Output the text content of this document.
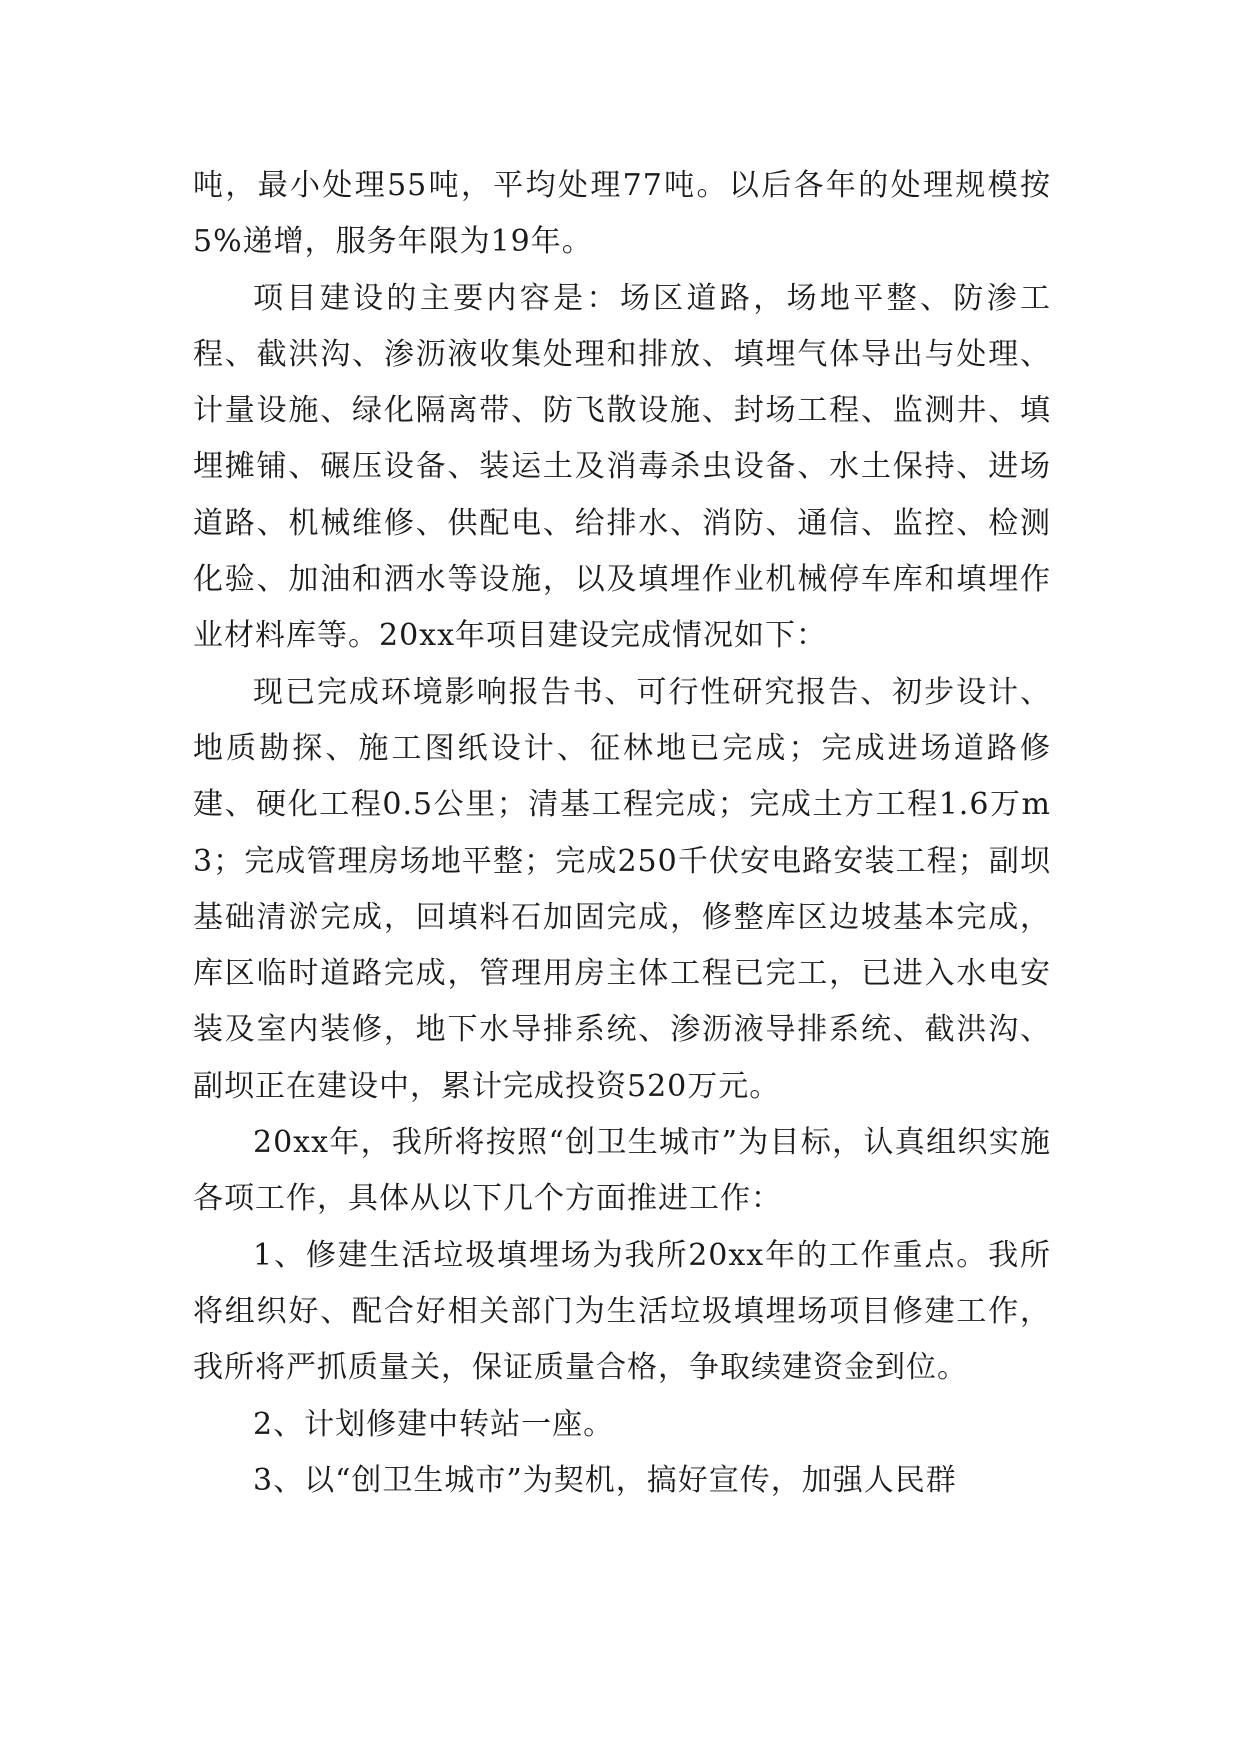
吨，最小处理55吨，平均处理77吨。以后各年的处理规模按5%递增，服务年限为19年。

项目建设的主要内容是：场区道路，场地平整、防渗工程、截洪沟、渗沥液收集处理和排放、填埋气体导出与处理、计量设施、绿化隔离带、防飞散设施、封场工程、监测井、填埋摊铺、碾压设备、装运土及消毒杀虫设备、水土保持、进场道路、机械维修、供配电、给排水、消防、通信、监控、检测化验、加油和洒水等设施，以及填埋作业机械停车库和填埋作业材料库等。20xx年项目建设完成情况如下：

现已完成环境影响报告书、可行性研究报告、初步设计、地质勘探、施工图纸设计、征林地已完成；完成进场道路修建、硬化工程0.5公里；清基工程完成；完成土方工程1.6万m3；完成管理房场地平整；完成250千伏安电路安装工程；副坝基础清淤完成，回填料石加固完成，修整库区边坡基本完成，库区临时道路完成，管理用房主体工程已完工，已进入水电安装及室内装修，地下水导排系统、渗沥液导排系统、截洪沟、副坝正在建设中，累计完成投资520万元。

20xx年，我所将按照“创卫生城市”为目标，认真组织实施各项工作，具体从以下几个方面推进工作：

1、修建生活垃圾填埋场为我所20xx年的工作重点。我所将组织好、配合好相关部门为生活垃圾填埋场项目修建工作，我所将严抓质量关，保证质量合格，争取续建资金到位。

2、计划修建中转站一座。

3、以“创卫生城市”为契机，搞好宣传，加强人民群
